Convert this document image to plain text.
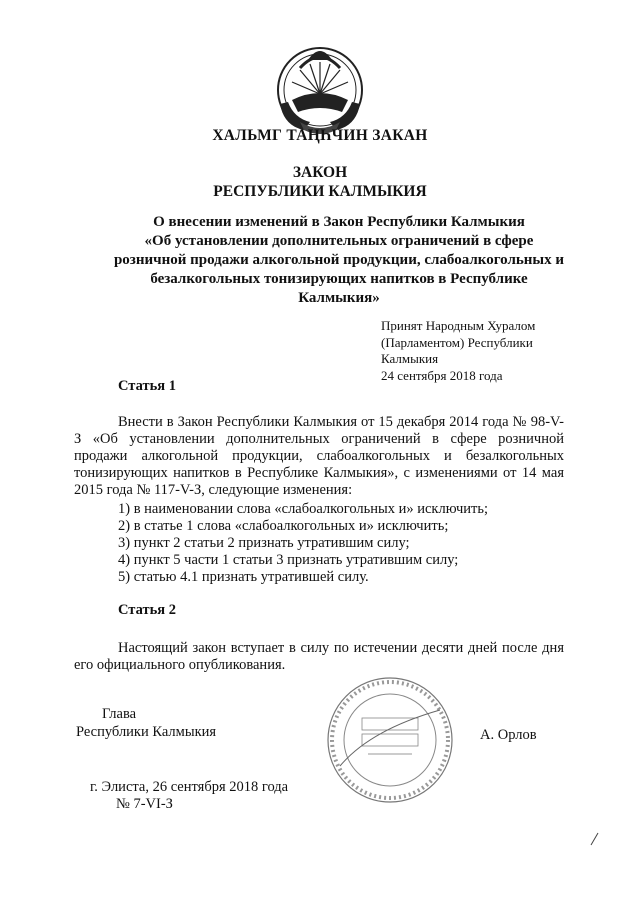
ХАЛЬМГ ТАҢҺЧИН ЗАКАН
ЗАКОН
РЕСПУБЛИКИ КАЛМЫКИЯ
О внесении изменений в Закон Республики Калмыкия
«Об установлении дополнительных ограничений в сфере
розничной продажи алкогольной продукции, слабоалкогольных и
безалкогольных тонизирующих напитков в Республике
Калмыкия»
Принят Народным Хуралом
(Парламентом) Республики
Калмыкия
24 сентября 2018 года
Статья 1
Внести в Закон Республики Калмыкия от 15 декабря 2014 года № 98-V-З «Об установлении дополнительных ограничений в сфере розничной продажи алкогольной продукции, слабоалкогольных и безалкогольных тонизирующих напитков в Республике Калмыкия», с изменениями от 14 мая 2015 года № 117-V-З, следующие изменения:
1) в наименовании слова «слабоалкогольных и» исключить;
2) в статье 1 слова «слабоалкогольных и» исключить;
3) пункт 2 статьи 2 признать утратившим силу;
4) пункт 5 части 1 статьи 3 признать утратившим силу;
5) статью 4.1 признать утратившей силу.
Статья 2
Настоящий закон вступает в силу по истечении десяти дней после дня его официального опубликования.
Глава
Республики Калмыкия	А. Орлов
г. Элиста, 26 сентября 2018 года
№ 7-VI-З
